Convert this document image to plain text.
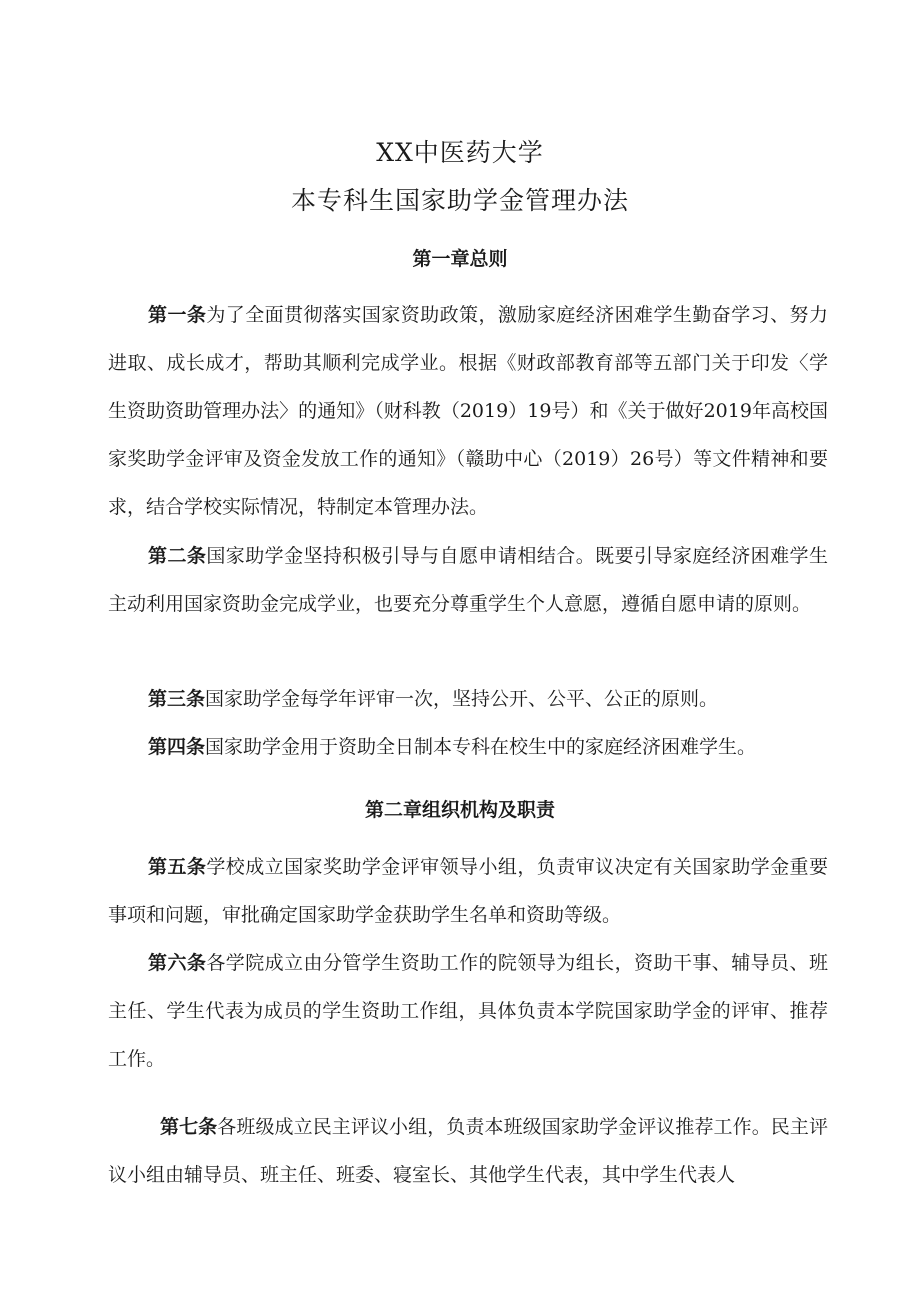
XX中医药大学
本专科生国家助学金管理办法
第一章总则

第一条为了全面贯彻落实国家资助政策，激励家庭经济困难学生勤奋学习、努力进取、成长成才，帮助其顺利完成学业。根据《财政部教育部等五部门关于印发〈学生资助资助管理办法〉的通知》（财科教（2019）19号）和《关于做好2019年高校国家奖助学金评审及资金发放工作的通知》（赣助中心（2019）26号）等文件精神和要求，结合学校实际情况，特制定本管理办法。

第二条国家助学金坚持积极引导与自愿申请相结合。既要引导家庭经济困难学生主动利用国家资助金完成学业，也要充分尊重学生个人意愿，遵循自愿申请的原则。

第三条国家助学金每学年评审一次，坚持公开、公平、公正的原则。

第四条国家助学金用于资助全日制本专科在校生中的家庭经济困难学生。

第二章组织机构及职责

第五条学校成立国家奖助学金评审领导小组，负责审议决定有关国家助学金重要事项和问题，审批确定国家助学金获助学生名单和资助等级。

第六条各学院成立由分管学生资助工作的院领导为组长，资助干事、辅导员、班主任、学生代表为成员的学生资助工作组，具体负责本学院国家助学金的评审、推荐工作。

第七条各班级成立民主评议小组，负责本班级国家助学金评议推荐工作。民主评议小组由辅导员、班主任、班委、寝室长、其他学生代表，其中学生代表人
